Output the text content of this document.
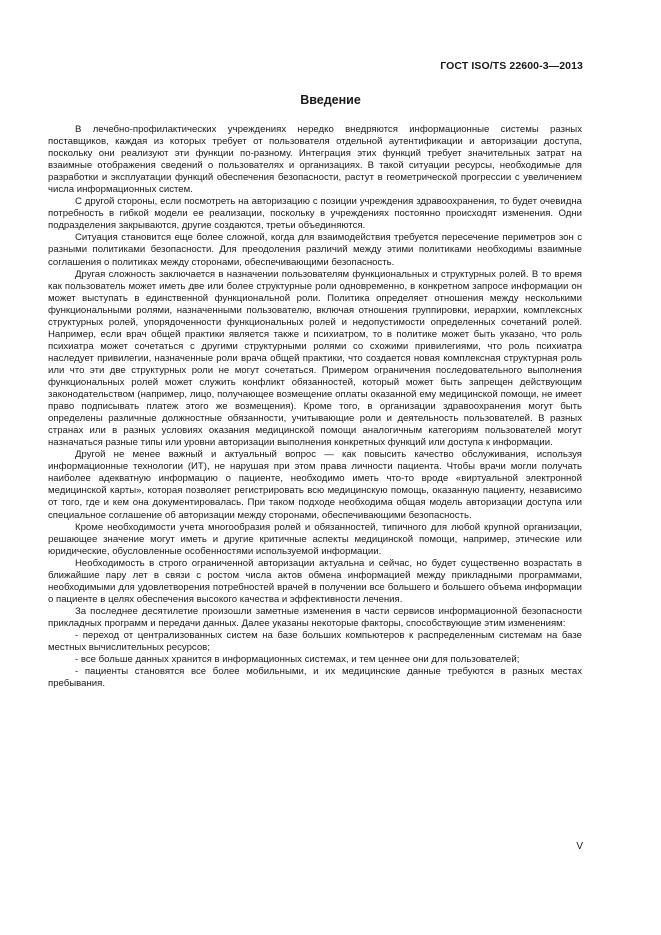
ГОСТ ISO/TS 22600-3—2013
Введение

В лечебно-профилактических учреждениях нередко внедряются информационные системы разных поставщиков, каждая из которых требует от пользователя отдельной аутентификации и авторизации доступа, поскольку они реализуют эти функции по-разному. Интеграция этих функций требует значительных затрат на взаимные отображения сведений о пользователях и организациях. В такой ситуации ресурсы, необходимые для разработки и эксплуатации функций обеспечения безопасности, растут в геометрической прогрессии с увеличением числа информационных систем.

С другой стороны, если посмотреть на авторизацию с позиции учреждения здравоохранения, то будет очевидна потребность в гибкой модели ее реализации, поскольку в учреждениях постоянно происходят изменения. Одни подразделения закрываются, другие создаются, третьи объединяются.

Ситуация становится еще более сложной, когда для взаимодействия требуется пересечение периметров зон с разными политиками безопасности. Для преодоления различий между этими политиками необходимы взаимные соглашения о политиках между сторонами, обеспечивающими безопасность.

Другая сложность заключается в назначении пользователям функциональных и структурных ролей. В то время как пользователь может иметь две или более структурные роли одновременно, в конкретном запросе информации он может выступать в единственной функциональной роли. Политика определяет отношения между несколькими функциональными ролями, назначенными пользователю, включая отношения группировки, иерархии, комплексных структурных ролей, упорядоченности функциональных ролей и недопустимости определенных сочетаний ролей. Например, если врач общей практики является также и психиатром, то в политике может быть указано, что роль психиатра может сочетаться с другими структурными ролями со схожими привилегиями, что роль психиатра наследует привилегии, назначенные роли врача общей практики, что создается новая комплексная структурная роль или что эти две структурных роли не могут сочетаться. Примером ограничения последовательного выполнения функциональных ролей может служить конфликт обязанностей, который может быть запрещен действующим законодательством (например, лицо, получающее возмещение оплаты оказанной ему медицинской помощи, не имеет право подписывать платеж этого же возмещения). Кроме того, в организации здравоохранения могут быть определены различные должностные обязанности, учитывающие роли и деятельность пользователей. В разных странах или в разных условиях оказания медицинской помощи аналогичным категориям пользователей могут назначаться разные типы или уровни авторизации выполнения конкретных функций или доступа к информации.

Другой не менее важный и актуальный вопрос — как повысить качество обслуживания, используя информационные технологии (ИТ), не нарушая при этом права личности пациента. Чтобы врачи могли получать наиболее адекватную информацию о пациенте, необходимо иметь что-то вроде «виртуальной электронной медицинской карты», которая позволяет регистрировать всю медицинскую помощь, оказанную пациенту, независимо от того, где и кем она документировалась. При таком подходе необходима общая модель авторизации доступа или специальное соглашение об авторизации между сторонами, обеспечивающими безопасность.

Кроме необходимости учета многообразия ролей и обязанностей, типичного для любой крупной организации, решающее значение могут иметь и другие критичные аспекты медицинской помощи, например, этические или юридические, обусловленные особенностями используемой информации.

Необходимость в строго ограниченной авторизации актуальна и сейчас, но будет существенно возрастать в ближайшие пару лет в связи с ростом числа актов обмена информацией между прикладными программами, необходимыми для удовлетворения потребностей врачей в получении все большего и большего объема информации о пациенте в целях обеспечения высокого качества и эффективности лечения.

За последнее десятилетие произошли заметные изменения в части сервисов информационной безопасности прикладных программ и передачи данных. Далее указаны некоторые факторы, способствующие этим изменениям:

- переход от централизованных систем на базе больших компьютеров к распределенным системам на базе местных вычислительных ресурсов;
- все больше данных хранится в информационных системах, и тем ценнее они для пользователей;
- пациенты становятся все более мобильными, и их медицинские данные требуются в разных местах пребывания.
V
